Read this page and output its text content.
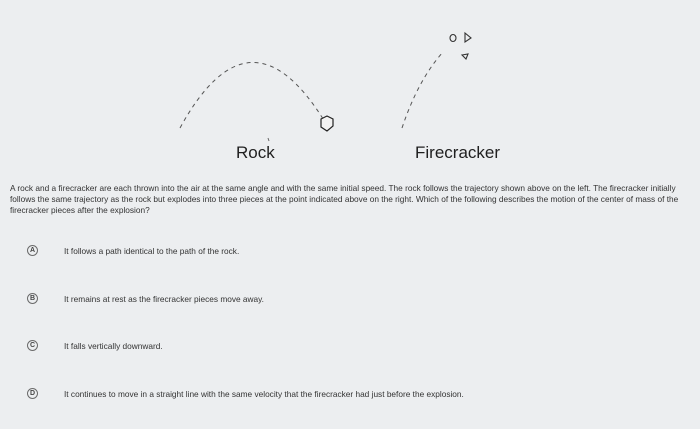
Rock	Firecracker
A rock and a firecracker are each thrown into the air at the same angle and with the same initial speed. The rock follows the trajectory shown above on the left. The firecracker initially follows the same trajectory as the rock but explodes into three pieces at the point indicated above on the right. Which of the following describes the motion of the center of mass of the firecracker pieces after the explosion?
A	It follows a path identical to the path of the rock.
B	It remains at rest as the firecracker pieces move away.
C	It falls vertically downward.
D	It continues to move in a straight line with the same velocity that the firecracker had just before the explosion.
